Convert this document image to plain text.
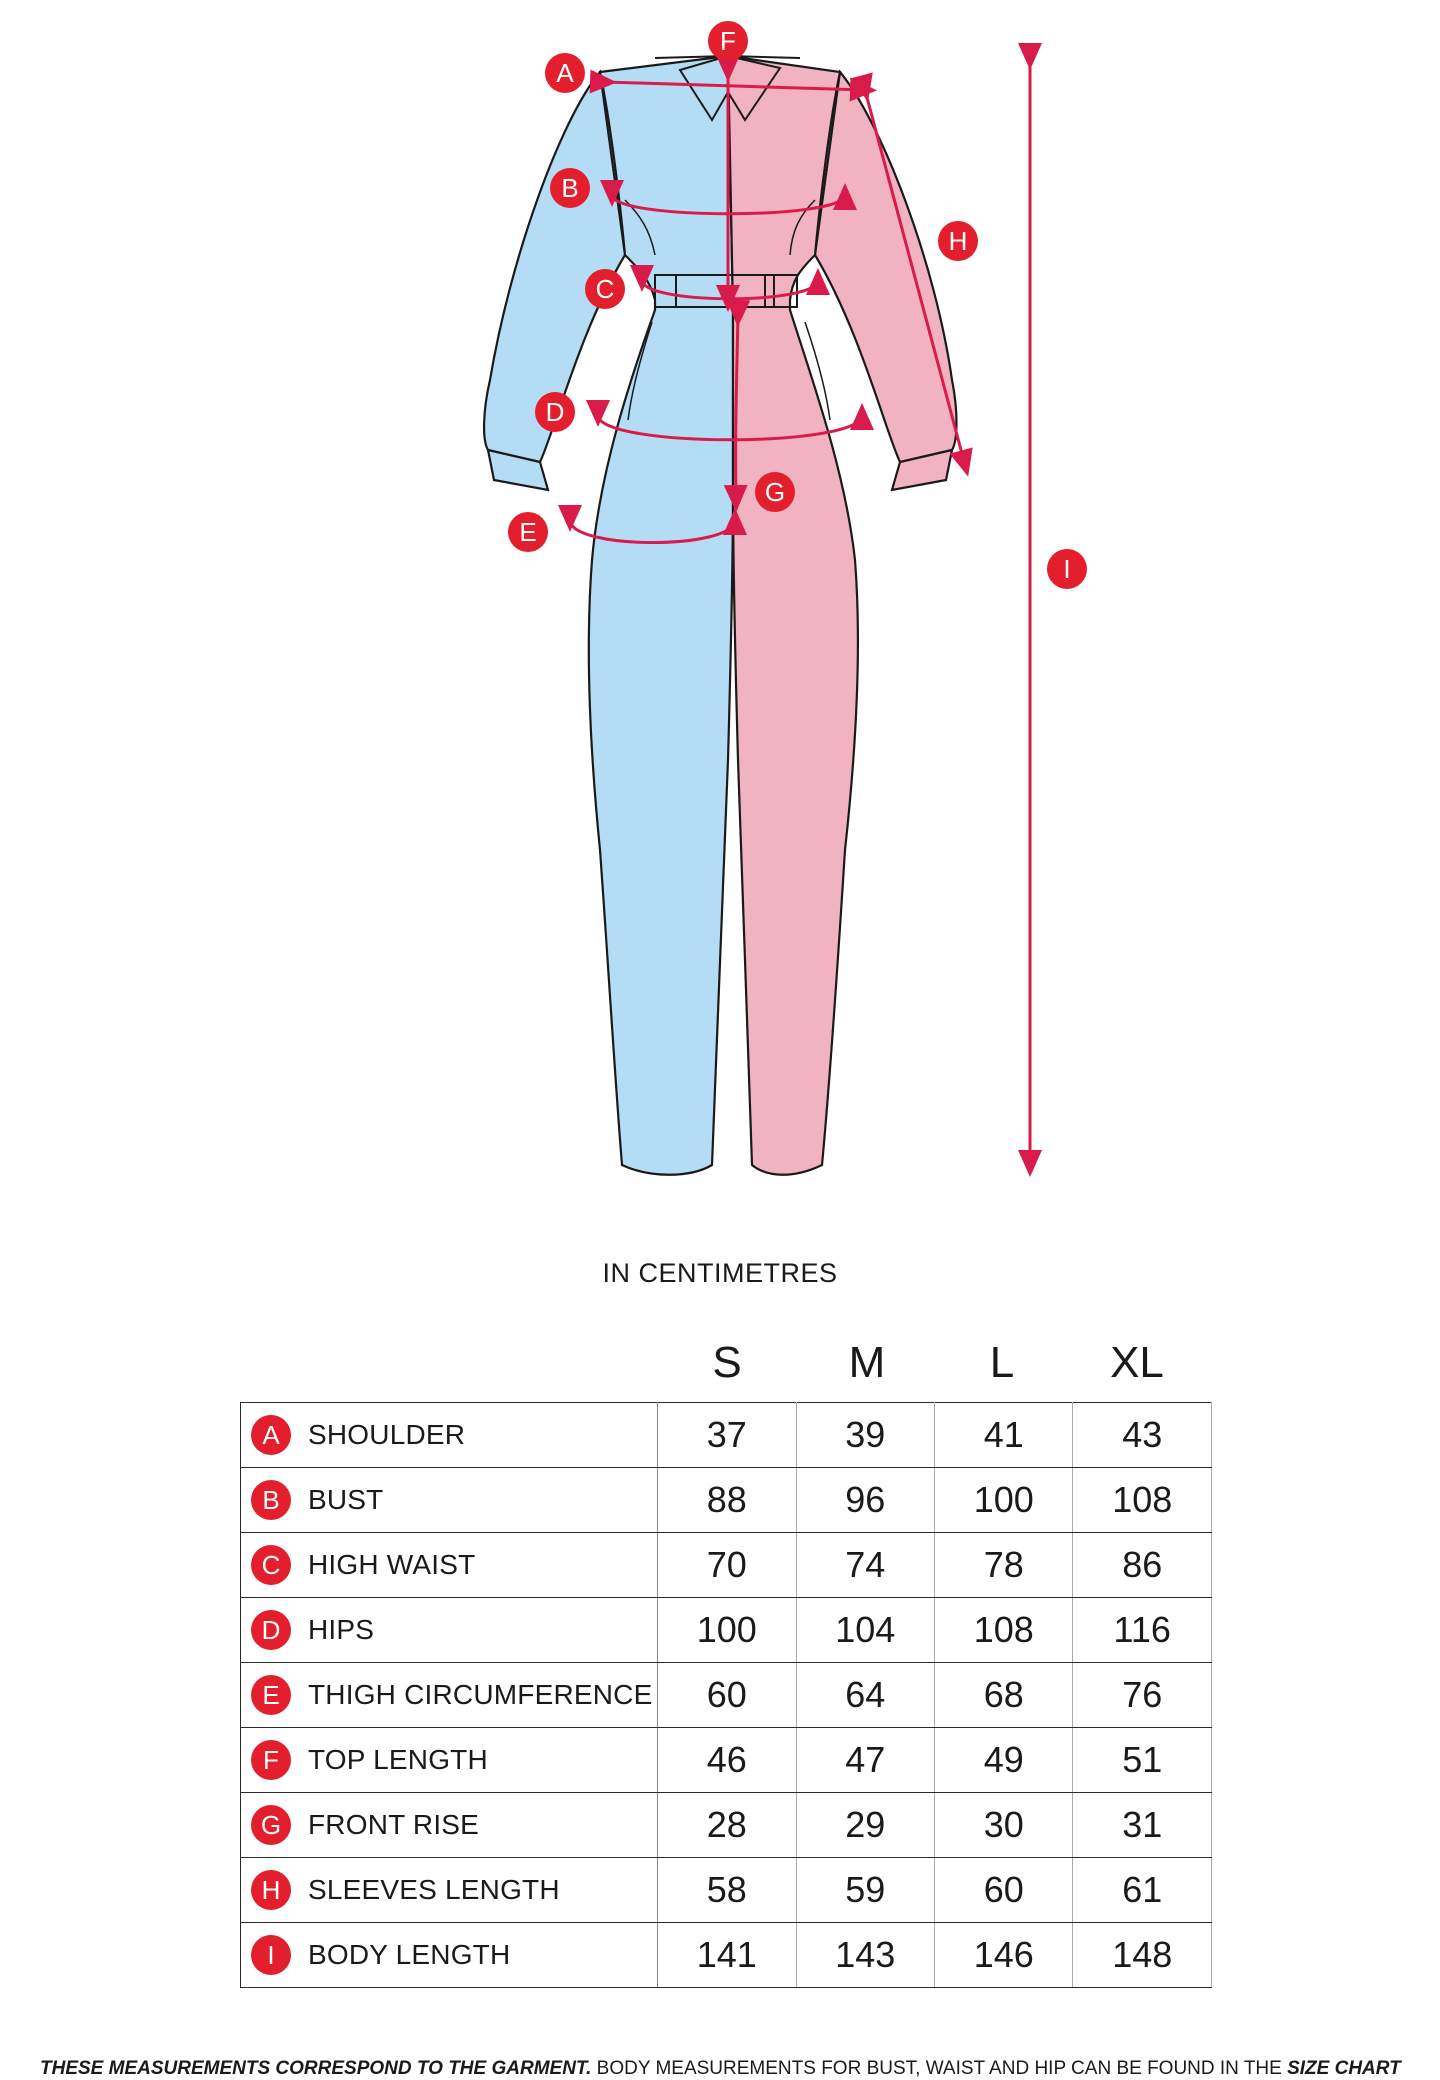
A
B
C
D
E
F
G
H
I
IN CENTIMETRES
S	M	L	XL
A SHOULDER	37	39	41	43

B BUST	88	96	100	108

C HIGH WAIST	70	74	78	86

D HIPS	100	104	108	116

E THIGH CIRCUMFERENCE	60	64	68	76

F TOP LENGTH	46	47	49	51

G FRONT RISE	28	29	30	31

H SLEEVES LENGTH	58	59	60	61

I BODY LENGTH	141	143	146	148
THESE MEASUREMENTS CORRESPOND TO THE GARMENT. BODY MEASUREMENTS FOR BUST, WAIST AND HIP CAN BE FOUND IN THE SIZE CHART
